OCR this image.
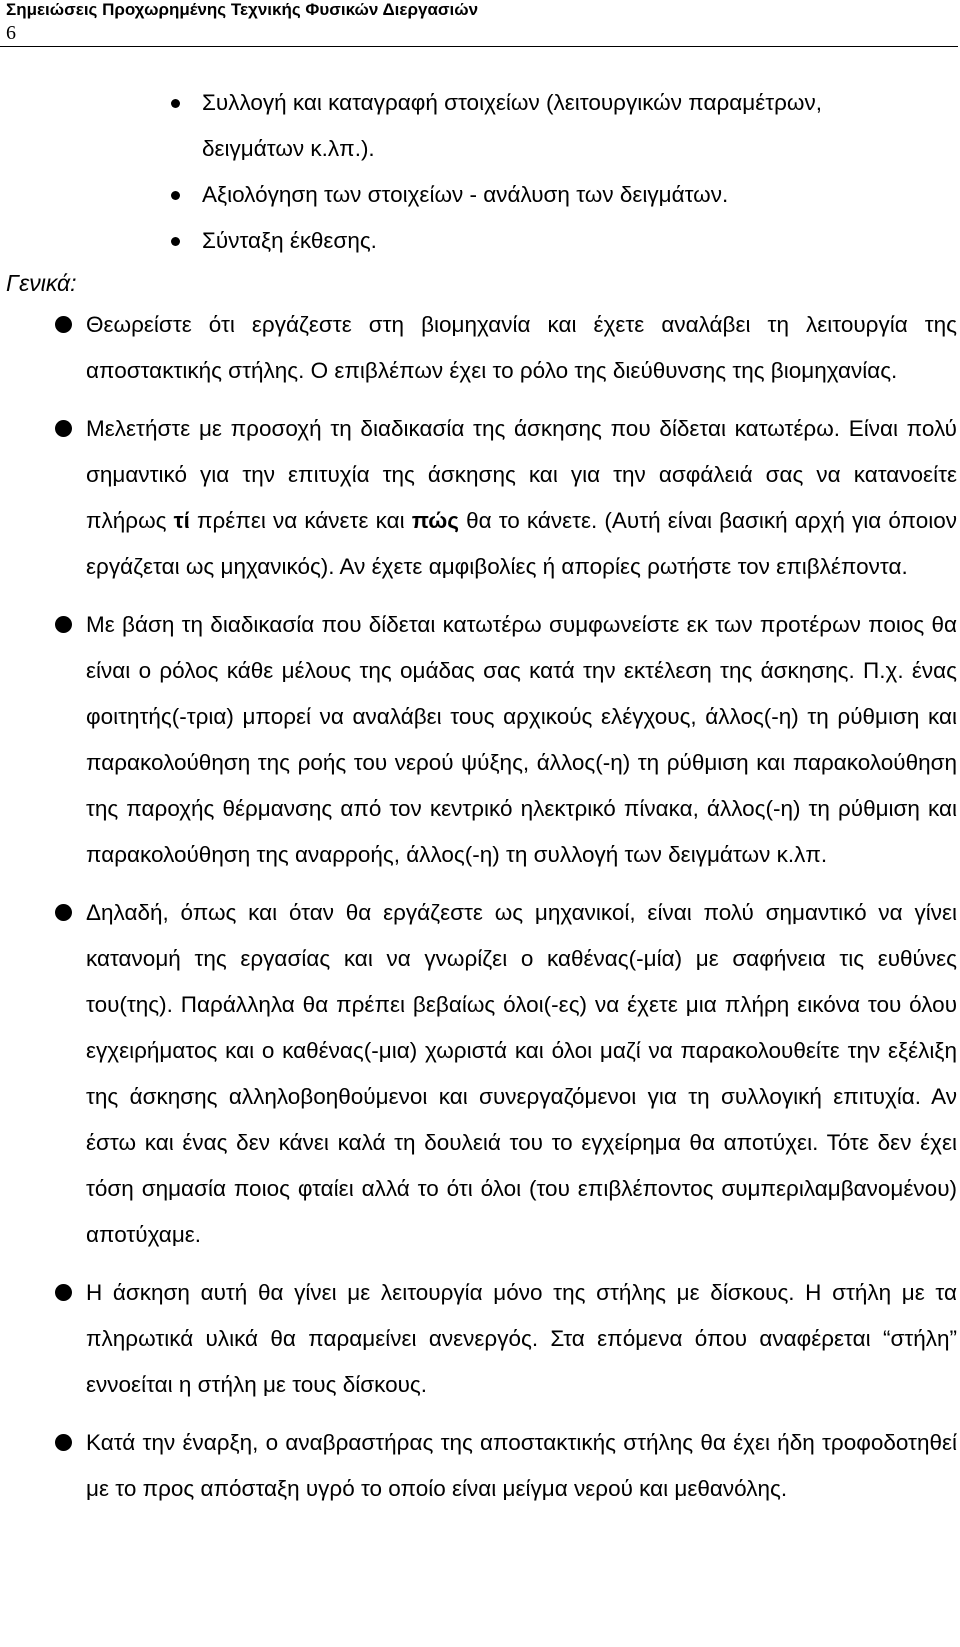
Σημειώσεις Προχωρημένης Τεχνικής Φυσικών Διεργασιών
6
Συλλογή και καταγραφή στοιχείων (λειτουργικών παραμέτρων, δειγμάτων κ.λπ.).
Αξιολόγηση των στοιχείων - ανάλυση των δειγμάτων.
Σύνταξη έκθεσης.
Γενικά:
Θεωρείστε ότι εργάζεστε στη βιομηχανία και έχετε αναλάβει τη λειτουργία της αποστακτικής στήλης. Ο επιβλέπων έχει το ρόλο της διεύθυνσης της βιομηχανίας.
Μελετήστε με προσοχή τη διαδικασία της άσκησης που δίδεται κατωτέρω. Είναι πολύ σημαντικό για την επιτυχία της άσκησης και για την ασφάλειά σας να κατανοείτε πλήρως τί πρέπει να κάνετε και πώς θα το κάνετε. (Αυτή είναι βασική αρχή για όποιον εργάζεται ως μηχανικός). Αν έχετε αμφιβολίες ή απορίες ρωτήστε τον επιβλέποντα.
Με βάση τη διαδικασία που δίδεται κατωτέρω συμφωνείστε εκ των προτέρων ποιος θα είναι ο ρόλος κάθε μέλους της ομάδας σας κατά την εκτέλεση της άσκησης. Π.χ. ένας φοιτητής(-τρια) μπορεί να αναλάβει τους αρχικούς ελέγχους, άλλος(-η) τη ρύθμιση και παρακολούθηση της ροής του νερού ψύξης, άλλος(-η) τη ρύθμιση και παρακολούθηση της παροχής θέρμανσης από τον κεντρικό ηλεκτρικό πίνακα, άλλος(-η) τη ρύθμιση και παρακολούθηση της αναρροής, άλλος(-η) τη συλλογή των δειγμάτων κ.λπ.
Δηλαδή, όπως και όταν θα εργάζεστε ως μηχανικοί, είναι πολύ σημαντικό να γίνει κατανομή της εργασίας και να γνωρίζει ο καθένας(-μία) με σαφήνεια τις ευθύνες του(της). Παράλληλα θα πρέπει βεβαίως όλοι(-ες) να έχετε μια πλήρη εικόνα του όλου εγχειρήματος και ο καθένας(-μια) χωριστά και όλοι μαζί να παρακολουθείτε την εξέλιξη της άσκησης αλληλοβοηθούμενοι και συνεργαζόμενοι για τη συλλογική επιτυχία. Αν έστω και ένας δεν κάνει καλά τη δουλειά του το εγχείρημα θα αποτύχει. Τότε δεν έχει τόση σημασία ποιος φταίει αλλά το ότι όλοι (του επιβλέποντος συμπεριλαμβανομένου) αποτύχαμε.
Η άσκηση αυτή θα γίνει με λειτουργία μόνο της στήλης με δίσκους. Η στήλη με τα πληρωτικά υλικά θα παραμείνει ανενεργός. Στα επόμενα όπου αναφέρεται “στήλη” εννοείται η στήλη με τους δίσκους.
Κατά την έναρξη, ο αναβραστήρας της αποστακτικής στήλης θα έχει ήδη τροφοδοτηθεί με το προς απόσταξη υγρό το οποίο είναι μείγμα νερού και μεθανόλης.
